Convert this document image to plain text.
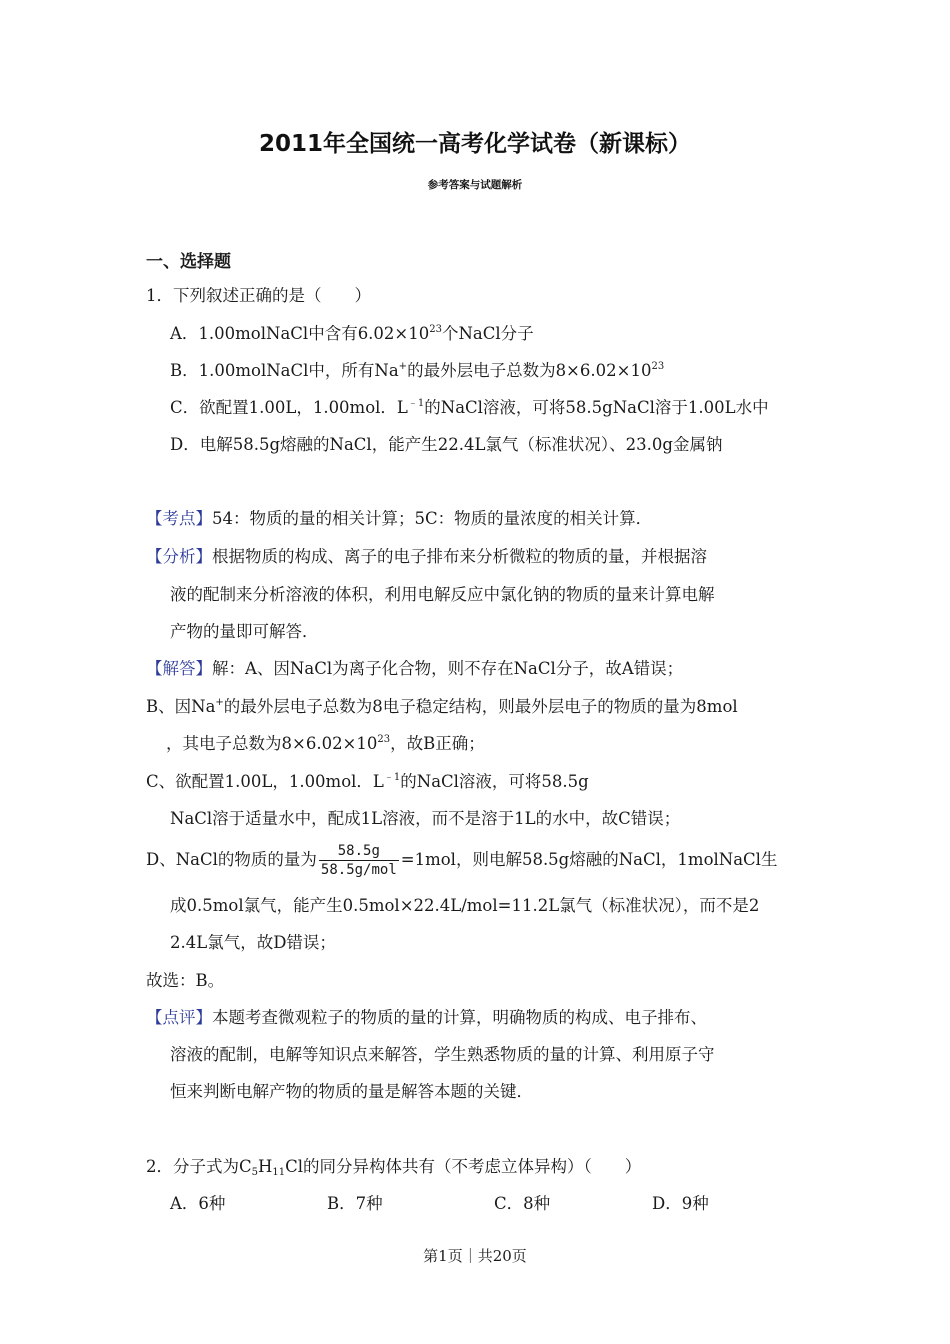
2011年全国统一高考化学试卷（新课标）
参考答案与试题解析
一、选择题
1．下列叙述正确的是（　　）
A．1.00molNaCl中含有$6.02\times 10^{23}$个NaCl分子
B．1.00molNaCl中，所有Na+的最外层电子总数为$8\times 6.02\times 10^{23}$
C．欲配置1.00L，1.00mol．$L^{﹣1}$的NaCl溶液，可将58.5gNaCl溶于1.00L水中
D．电解58.5g熔融的NaCl，能产生22.4L氯气（标准状况）、23.0g金属钠
【考点】54：物质的量的相关计算；5C：物质的量浓度的相关计算．
【分析】根据物质的构成、离子的电子排布来分析微粒的物质的量，并根据溶
液的配制来分析溶液的体积，利用电解反应中氯化钠的物质的量来计算电解
产物的量即可解答．
【解答】解：A、因NaCl为离子化合物，则不存在NaCl分子，故A错误；
B、因Na+的最外层电子总数为8电子稳定结构，则最外层电子的物质的量为8mol
，其电子总数为$8\times 6.02\times 10^{23}$，故B正确；
C、欲配置1.00L，1.00mol．$L^{﹣1}$的NaCl溶液，可将58.5g
NaCl溶于适量水中，配成1L溶液，而不是溶于1L的水中，故C错误；
D、NaCl的物质的量为 $\frac{58.5g}{\text{58.5g/mol}} =1mol$，则电解58.5g熔融的NaCl，1molNaCl生
成0.5mol氯气，能产生0.5mol×22.4L/mol=11.2L氯气（标准状况），而不是2
2.4L氯气，故D错误；
故选：B。
【点评】本题考查微观粒子的物质的量的计算，明确物质的构成、电子排布、
溶液的配制，电解等知识点来解答，学生熟悉物质的量的计算、利用原子守
恒来判断电解产物的物质的量是解答本题的关键．
2．分子式为$C_5H_{11}Cl$的同分异构体共有（不考虑立体异构）（　　）
A．6种	B．7种	C．8种	D．9种
第1页｜共20页
